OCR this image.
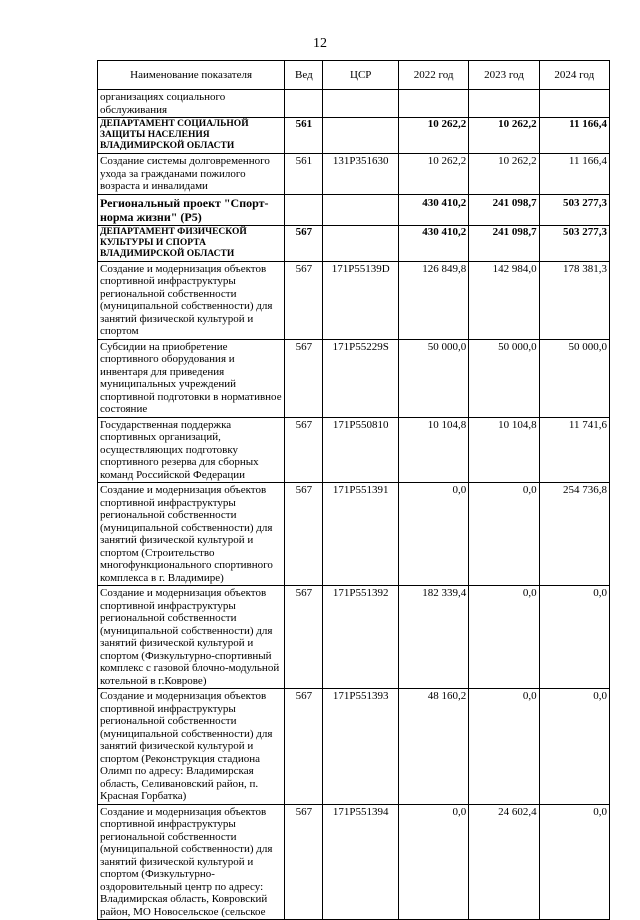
12
Наименование показателя	Вед	ЦСР	2022 год	2023 год	2024 год
организациях социального обслуживания					
ДЕПАРТАМЕНТ СОЦИАЛЬНОЙ ЗАЩИТЫ НАСЕЛЕНИЯ ВЛАДИМИРСКОЙ ОБЛАСТИ	561		10 262,2	10 262,2	11 166,4
Создание системы долговременного ухода за гражданами пожилого возраста и инвалидами	561	131P351630	10 262,2	10 262,2	11 166,4
Региональный проект "Спорт-норма жизни" (Р5)			430 410,2	241 098,7	503 277,3
ДЕПАРТАМЕНТ ФИЗИЧЕСКОЙ КУЛЬТУРЫ И СПОРТА ВЛАДИМИРСКОЙ ОБЛАСТИ	567		430 410,2	241 098,7	503 277,3
Создание и модернизация объектов спортивной инфраструктуры региональной собственности (муниципальной собственности) для занятий физической культурой и спортом	567	171P55139D	126 849,8	142 984,0	178 381,3
Субсидии на приобретение спортивного оборудования и инвентаря для приведения муниципальных учреждений спортивной подготовки в нормативное состояние	567	171P55229S	50 000,0	50 000,0	50 000,0
Государственная поддержка спортивных организаций, осуществляющих подготовку спортивного резерва для сборных команд Российской Федерации	567	171P550810	10 104,8	10 104,8	11 741,6
Создание и модернизация объектов спортивной инфраструктуры региональной собственности (муниципальной собственности) для занятий физической культурой и спортом (Строительство многофункционального спортивного комплекса в г. Владимире)	567	171P551391	0,0	0,0	254 736,8
Создание и модернизация объектов спортивной инфраструктуры региональной собственности (муниципальной собственности) для занятий физической культурой и спортом (Физкультурно-спортивный комплекс с газовой блочно-модульной котельной в г.Коврове)	567	171P551392	182 339,4	0,0	0,0
Создание и модернизация объектов спортивной инфраструктуры региональной собственности (муниципальной собственности) для занятий физической культурой и спортом (Реконструкция стадиона Олимп по адресу: Владимирская область, Селивановский район, п. Красная Горбатка)	567	171P551393	48 160,2	0,0	0,0
Создание и модернизация объектов спортивной инфраструктуры региональной собственности (муниципальной собственности) для занятий физической культурой и спортом (Физкультурно-оздоровительный центр по адресу: Владимирская область, Ковровский район, МО Новосельское (сельское	567	171P551394	0,0	24 602,4	0,0
